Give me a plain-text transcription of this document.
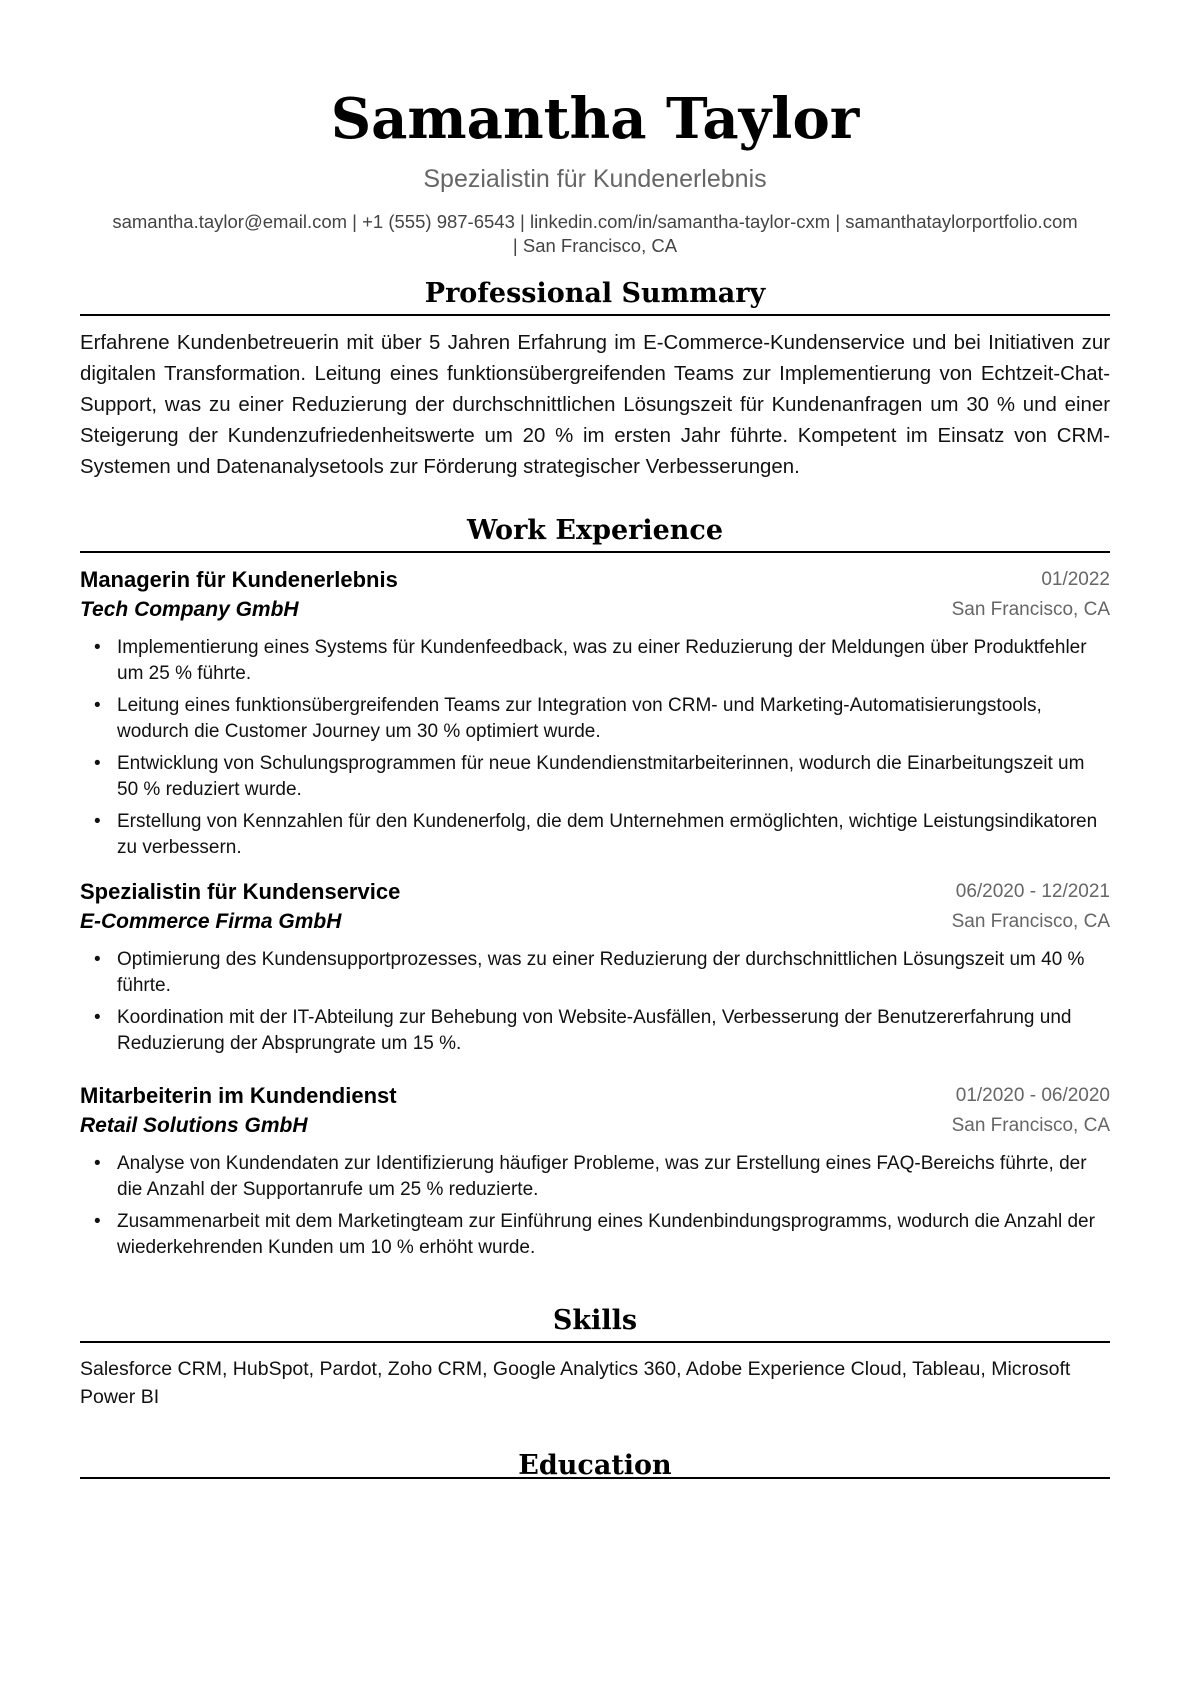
Samantha Taylor
Spezialistin für Kundenerlebnis
samantha.taylor@email.com | +1 (555) 987-6543 | linkedin.com/in/samantha-taylor-cxm | samanthataylorportfolio.com
| San Francisco, CA
Professional Summary
Erfahrene Kundenbetreuerin mit über 5 Jahren Erfahrung im E-Commerce-Kundenservice und bei Initiativen zur digitalen Transformation. Leitung eines funktionsübergreifenden Teams zur Implementierung von Echtzeit-Chat-Support, was zu einer Reduzierung der durchschnittlichen Lösungszeit für Kundenanfragen um 30 % und einer Steigerung der Kundenzufriedenheitswerte um 20 % im ersten Jahr führte. Kompetent im Einsatz von CRM-Systemen und Datenanalysetools zur Förderung strategischer Verbesserungen.
Work Experience
Managerin für Kundenerlebnis
Tech Company GmbH
01/2022
San Francisco, CA
• Implementierung eines Systems für Kundenfeedback, was zu einer Reduzierung der Meldungen über Produktfehler um 25 % führte.
• Leitung eines funktionsübergreifenden Teams zur Integration von CRM- und Marketing-Automatisierungstools, wodurch die Customer Journey um 30 % optimiert wurde.
• Entwicklung von Schulungsprogrammen für neue Kundendienstmitarbeiterinnen, wodurch die Einarbeitungszeit um 50 % reduziert wurde.
• Erstellung von Kennzahlen für den Kundenerfolg, die dem Unternehmen ermöglichten, wichtige Leistungsindikatoren zu verbessern.
Spezialistin für Kundenservice
E-Commerce Firma GmbH
06/2020 - 12/2021
San Francisco, CA
• Optimierung des Kundensupportprozesses, was zu einer Reduzierung der durchschnittlichen Lösungszeit um 40 % führte.
• Koordination mit der IT-Abteilung zur Behebung von Website-Ausfällen, Verbesserung der Benutzererfahrung und Reduzierung der Absprungrate um 15 %.
Mitarbeiterin im Kundendienst
Retail Solutions GmbH
01/2020 - 06/2020
San Francisco, CA
• Analyse von Kundendaten zur Identifizierung häufiger Probleme, was zur Erstellung eines FAQ-Bereichs führte, der die Anzahl der Supportanrufe um 25 % reduzierte.
• Zusammenarbeit mit dem Marketingteam zur Einführung eines Kundenbindungsprogramms, wodurch die Anzahl der wiederkehrenden Kunden um 10 % erhöht wurde.
Skills
Salesforce CRM, HubSpot, Pardot, Zoho CRM, Google Analytics 360, Adobe Experience Cloud, Tableau, Microsoft Power BI
Education
